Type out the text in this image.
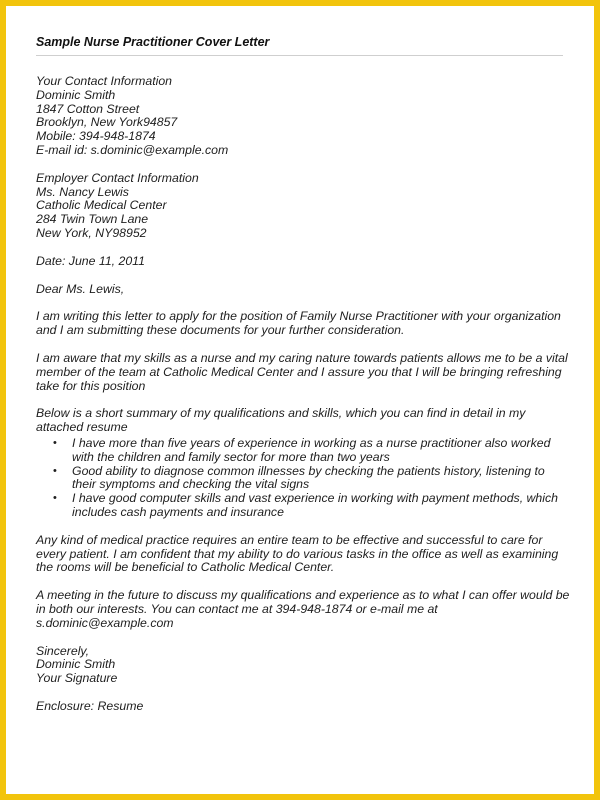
Sample Nurse Practitioner Cover Letter
Your Contact Information
Dominic Smith
1847 Cotton Street
Brooklyn, New York94857
Mobile: 394-948-1874
E-mail id: s.dominic@example.com
Employer Contact Information
Ms. Nancy Lewis
Catholic Medical Center
284 Twin Town Lane
New York, NY98952
Date: June 11, 2011
Dear Ms. Lewis,
I am writing this letter to apply for the position of Family Nurse Practitioner with your organization
and I am submitting these documents for your further consideration.
I am aware that my skills as a nurse and my caring nature towards patients allows me to be a vital
member of the team at Catholic Medical Center and I assure you that I will be bringing refreshing
take for this position
Below is a short summary of my qualifications and skills, which you can find in detail in my
attached resume
• I have more than five years of experience in working as a nurse practitioner also worked
with the children and family sector for more than two years
• Good ability to diagnose common illnesses by checking the patients history, listening to
their symptoms and checking the vital signs
• I have good computer skills and vast experience in working with payment methods, which
includes cash payments and insurance
Any kind of medical practice requires an entire team to be effective and successful to care for
every patient. I am confident that my ability to do various tasks in the office as well as examining
the rooms will be beneficial to Catholic Medical Center.
A meeting in the future to discuss my qualifications and experience as to what I can offer would be
in both our interests. You can contact me at 394-948-1874 or e-mail me at
s.dominic@example.com
Sincerely,
Dominic Smith
Your Signature
Enclosure: Resume
